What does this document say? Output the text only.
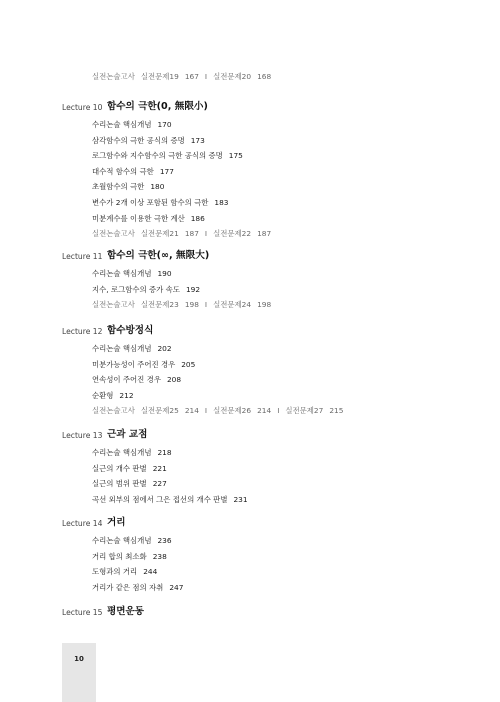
실전논술고사 실전문제19 167 I 실전문제20 168
Lecture 10 함수의 극한(0, 無限小)
수리논술 핵심개념 170
삼각함수의 극한 공식의 증명 173
로그함수와 지수함수의 극한 공식의 증명 175
대수적 함수의 극한 177
초월함수의 극한 180
변수가 2개 이상 포함된 함수의 극한 183
미분계수를 이용한 극한 계산 186
실전논술고사 실전문제21 187 I 실전문제22 187
Lecture 11 함수의 극한(∞, 無限大)
수리논술 핵심개념 190
지수, 로그함수의 증가 속도 192
실전논술고사 실전문제23 198 I 실전문제24 198
Lecture 12 함수방정식
수리논술 핵심개념 202
미분가능성이 주어진 경우 205
연속성이 주어진 경우 208
순환형 212
실전논술고사 실전문제25 214 I 실전문제26 214 I 실전문제27 215
Lecture 13 근과 교점
수리논술 핵심개념 218
실근의 개수 판별 221
실근의 범위 판별 227
곡선 외부의 점에서 그은 접선의 개수 판별 231
Lecture 14 거리
수리논술 핵심개념 236
거리 합의 최소화 238
도형과의 거리 244
거리가 같은 점의 자취 247
Lecture 15 평면운동
10
